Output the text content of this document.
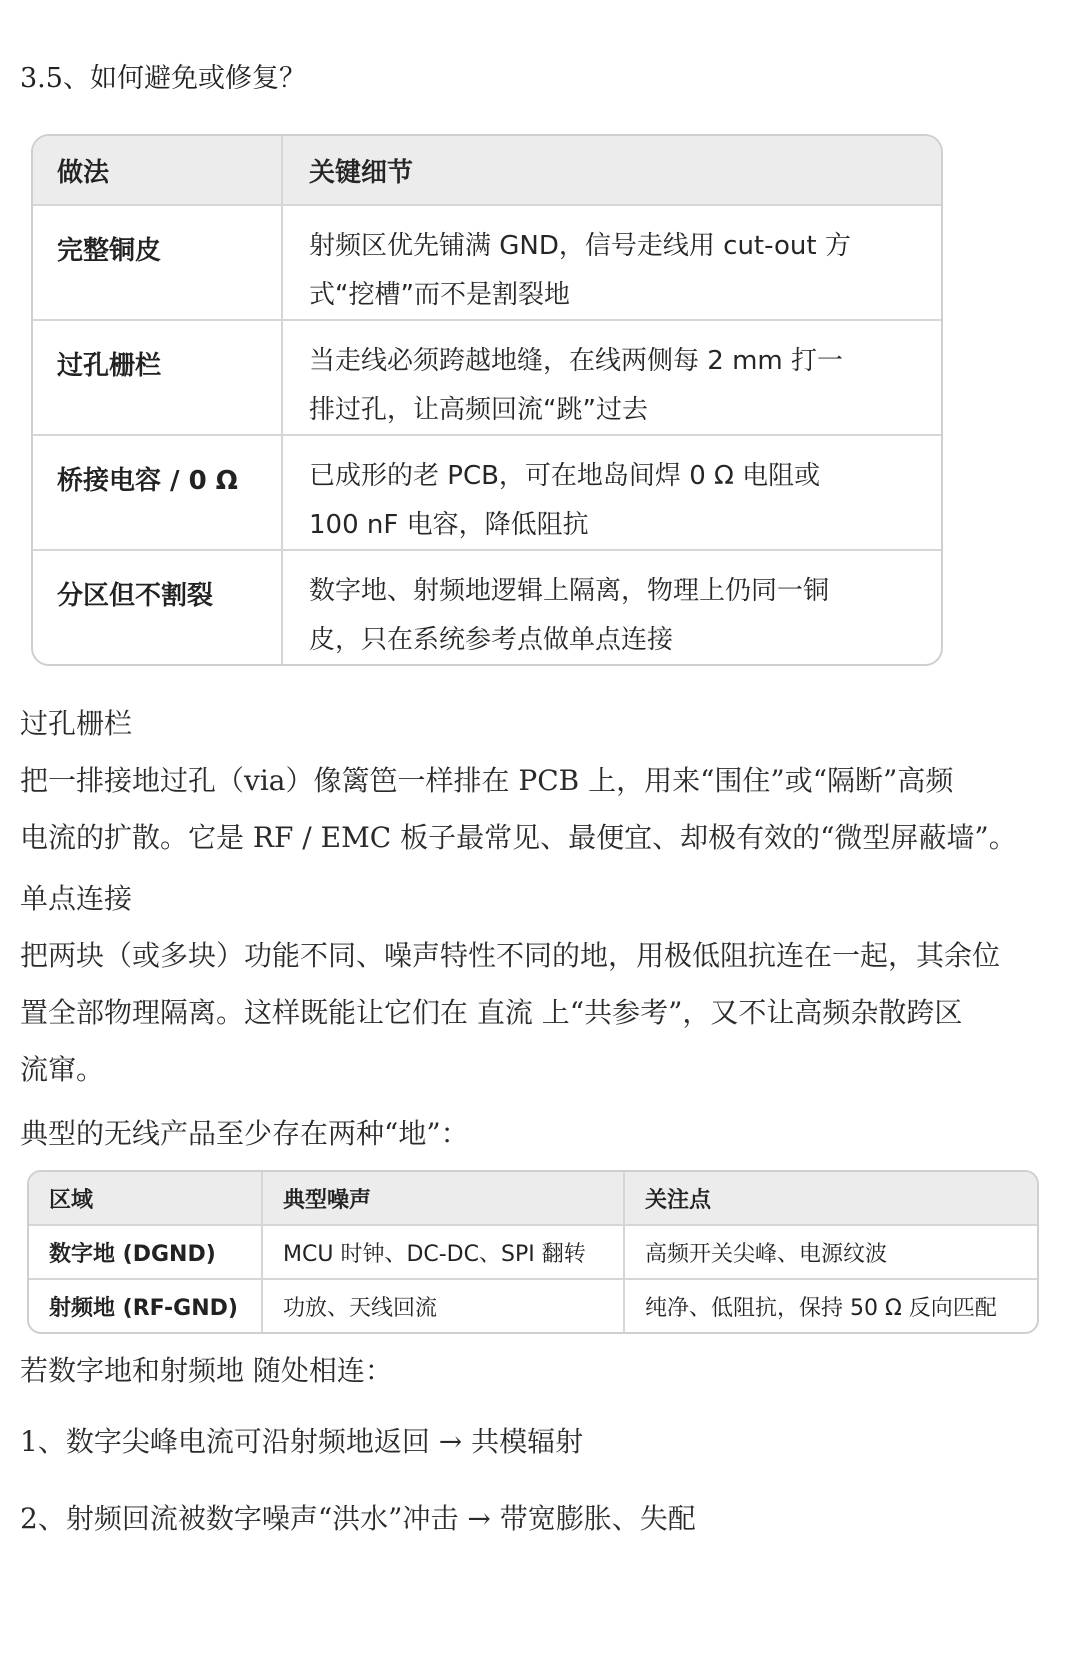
3.5、如何避免或修复？
做法	关键细节
完整铜皮	射频区优先铺满 GND，信号走线用 cut-out 方
式“挖槽”而不是割裂地
过孔栅栏	当走线必须跨越地缝，在线两侧每 2 mm 打一
排过孔，让高频回流“跳”过去
桥接电容 / 0 Ω	已成形的老 PCB，可在地岛间焊 0 Ω 电阻或
100 nF 电容，降低阻抗
分区但不割裂	数字地、射频地逻辑上隔离，物理上仍同一铜
皮，只在系统参考点做单点连接
过孔栅栏
把一排接地过孔（via）像篱笆一样排在 PCB 上，用来“围住”或“隔断”高频
电流的扩散。它是 RF / EMC 板子最常见、最便宜、却极有效的“微型屏蔽墙”。
单点连接
把两块（或多块）功能不同、噪声特性不同的地，用极低阻抗连在一起，其余位
置全部物理隔离。这样既能让它们在 直流 上“共参考”，又不让高频杂散跨区
流窜。
典型的无线产品至少存在两种“地”：
区域	典型噪声	关注点
数字地 (DGND)	MCU 时钟、DC-DC、SPI 翻转	高频开关尖峰、电源纹波
射频地 (RF-GND)	功放、天线回流	纯净、低阻抗，保持 50 Ω 反向匹配
若数字地和射频地 随处相连：
1、数字尖峰电流可沿射频地返回 → 共模辐射
2、射频回流被数字噪声“洪水”冲击 → 带宽膨胀、失配
